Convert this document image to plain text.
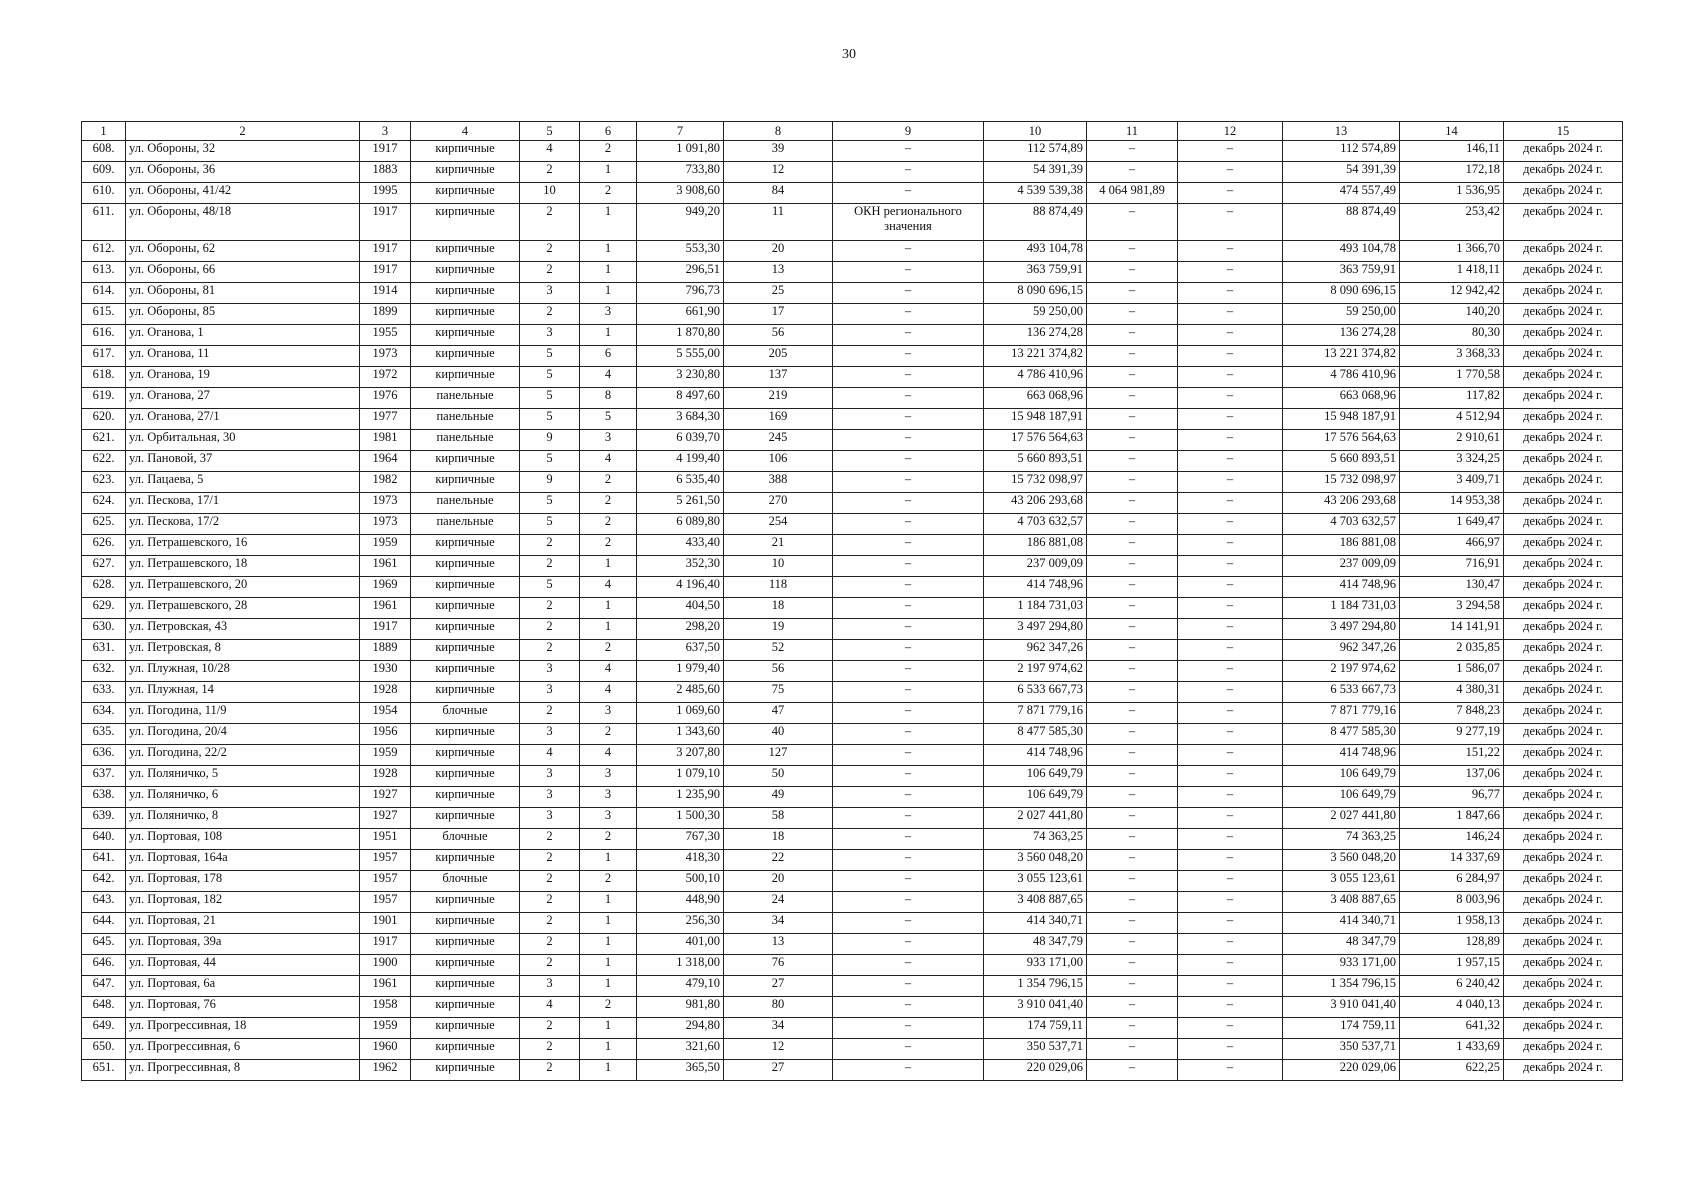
30
1	2	3	4	5	6	7	8	9	10	11	12	13	14	15
608.	ул. Обороны, 32	1917	кирпичные	4	2	1 091,80	39	–	112 574,89	–	–	112 574,89	146,11	декабрь 2024 г.
609.	ул. Обороны, 36	1883	кирпичные	2	1	733,80	12	–	54 391,39	–	–	54 391,39	172,18	декабрь 2024 г.
610.	ул. Обороны, 41/42	1995	кирпичные	10	2	3 908,60	84	–	4 539 539,38	4 064 981,89	–	474 557,49	1 536,95	декабрь 2024 г.
611.	ул. Обороны, 48/18	1917	кирпичные	2	1	949,20	11	ОКН регионального значения	88 874,49	–	–	88 874,49	253,42	декабрь 2024 г.
612.	ул. Обороны, 62	1917	кирпичные	2	1	553,30	20	–	493 104,78	–	–	493 104,78	1 366,70	декабрь 2024 г.
613.	ул. Обороны, 66	1917	кирпичные	2	1	296,51	13	–	363 759,91	–	–	363 759,91	1 418,11	декабрь 2024 г.
614.	ул. Обороны, 81	1914	кирпичные	3	1	796,73	25	–	8 090 696,15	–	–	8 090 696,15	12 942,42	декабрь 2024 г.
615.	ул. Обороны, 85	1899	кирпичные	2	3	661,90	17	–	59 250,00	–	–	59 250,00	140,20	декабрь 2024 г.
616.	ул. Оганова, 1	1955	кирпичные	3	1	1 870,80	56	–	136 274,28	–	–	136 274,28	80,30	декабрь 2024 г.
617.	ул. Оганова, 11	1973	кирпичные	5	6	5 555,00	205	–	13 221 374,82	–	–	13 221 374,82	3 368,33	декабрь 2024 г.
618.	ул. Оганова, 19	1972	кирпичные	5	4	3 230,80	137	–	4 786 410,96	–	–	4 786 410,96	1 770,58	декабрь 2024 г.
619.	ул. Оганова, 27	1976	панельные	5	8	8 497,60	219	–	663 068,96	–	–	663 068,96	117,82	декабрь 2024 г.
620.	ул. Оганова, 27/1	1977	панельные	5	5	3 684,30	169	–	15 948 187,91	–	–	15 948 187,91	4 512,94	декабрь 2024 г.
621.	ул. Орбитальная, 30	1981	панельные	9	3	6 039,70	245	–	17 576 564,63	–	–	17 576 564,63	2 910,61	декабрь 2024 г.
622.	ул. Пановой, 37	1964	кирпичные	5	4	4 199,40	106	–	5 660 893,51	–	–	5 660 893,51	3 324,25	декабрь 2024 г.
623.	ул. Пацаева, 5	1982	кирпичные	9	2	6 535,40	388	–	15 732 098,97	–	–	15 732 098,97	3 409,71	декабрь 2024 г.
624.	ул. Пескова, 17/1	1973	панельные	5	2	5 261,50	270	–	43 206 293,68	–	–	43 206 293,68	14 953,38	декабрь 2024 г.
625.	ул. Пескова, 17/2	1973	панельные	5	2	6 089,80	254	–	4 703 632,57	–	–	4 703 632,57	1 649,47	декабрь 2024 г.
626.	ул. Петрашевского, 16	1959	кирпичные	2	2	433,40	21	–	186 881,08	–	–	186 881,08	466,97	декабрь 2024 г.
627.	ул. Петрашевского, 18	1961	кирпичные	2	1	352,30	10	–	237 009,09	–	–	237 009,09	716,91	декабрь 2024 г.
628.	ул. Петрашевского, 20	1969	кирпичные	5	4	4 196,40	118	–	414 748,96	–	–	414 748,96	130,47	декабрь 2024 г.
629.	ул. Петрашевского, 28	1961	кирпичные	2	1	404,50	18	–	1 184 731,03	–	–	1 184 731,03	3 294,58	декабрь 2024 г.
630.	ул. Петровская, 43	1917	кирпичные	2	1	298,20	19	–	3 497 294,80	–	–	3 497 294,80	14 141,91	декабрь 2024 г.
631.	ул. Петровская, 8	1889	кирпичные	2	2	637,50	52	–	962 347,26	–	–	962 347,26	2 035,85	декабрь 2024 г.
632.	ул. Плужная, 10/28	1930	кирпичные	3	4	1 979,40	56	–	2 197 974,62	–	–	2 197 974,62	1 586,07	декабрь 2024 г.
633.	ул. Плужная, 14	1928	кирпичные	3	4	2 485,60	75	–	6 533 667,73	–	–	6 533 667,73	4 380,31	декабрь 2024 г.
634.	ул. Погодина, 11/9	1954	блочные	2	3	1 069,60	47	–	7 871 779,16	–	–	7 871 779,16	7 848,23	декабрь 2024 г.
635.	ул. Погодина, 20/4	1956	кирпичные	3	2	1 343,60	40	–	8 477 585,30	–	–	8 477 585,30	9 277,19	декабрь 2024 г.
636.	ул. Погодина, 22/2	1959	кирпичные	4	4	3 207,80	127	–	414 748,96	–	–	414 748,96	151,22	декабрь 2024 г.
637.	ул. Поляничко, 5	1928	кирпичные	3	3	1 079,10	50	–	106 649,79	–	–	106 649,79	137,06	декабрь 2024 г.
638.	ул. Поляничко, 6	1927	кирпичные	3	3	1 235,90	49	–	106 649,79	–	–	106 649,79	96,77	декабрь 2024 г.
639.	ул. Поляничко, 8	1927	кирпичные	3	3	1 500,30	58	–	2 027 441,80	–	–	2 027 441,80	1 847,66	декабрь 2024 г.
640.	ул. Портовая, 108	1951	блочные	2	2	767,30	18	–	74 363,25	–	–	74 363,25	146,24	декабрь 2024 г.
641.	ул. Портовая, 164а	1957	кирпичные	2	1	418,30	22	–	3 560 048,20	–	–	3 560 048,20	14 337,69	декабрь 2024 г.
642.	ул. Портовая, 178	1957	блочные	2	2	500,10	20	–	3 055 123,61	–	–	3 055 123,61	6 284,97	декабрь 2024 г.
643.	ул. Портовая, 182	1957	кирпичные	2	1	448,90	24	–	3 408 887,65	–	–	3 408 887,65	8 003,96	декабрь 2024 г.
644.	ул. Портовая, 21	1901	кирпичные	2	1	256,30	34	–	414 340,71	–	–	414 340,71	1 958,13	декабрь 2024 г.
645.	ул. Портовая, 39а	1917	кирпичные	2	1	401,00	13	–	48 347,79	–	–	48 347,79	128,89	декабрь 2024 г.
646.	ул. Портовая, 44	1900	кирпичные	2	1	1 318,00	76	–	933 171,00	–	–	933 171,00	1 957,15	декабрь 2024 г.
647.	ул. Портовая, 6а	1961	кирпичные	3	1	479,10	27	–	1 354 796,15	–	–	1 354 796,15	6 240,42	декабрь 2024 г.
648.	ул. Портовая, 76	1958	кирпичные	4	2	981,80	80	–	3 910 041,40	–	–	3 910 041,40	4 040,13	декабрь 2024 г.
649.	ул. Прогрессивная, 18	1959	кирпичные	2	1	294,80	34	–	174 759,11	–	–	174 759,11	641,32	декабрь 2024 г.
650.	ул. Прогрессивная, 6	1960	кирпичные	2	1	321,60	12	–	350 537,71	–	–	350 537,71	1 433,69	декабрь 2024 г.
651.	ул. Прогрессивная, 8	1962	кирпичные	2	1	365,50	27	–	220 029,06	–	–	220 029,06	622,25	декабрь 2024 г.
